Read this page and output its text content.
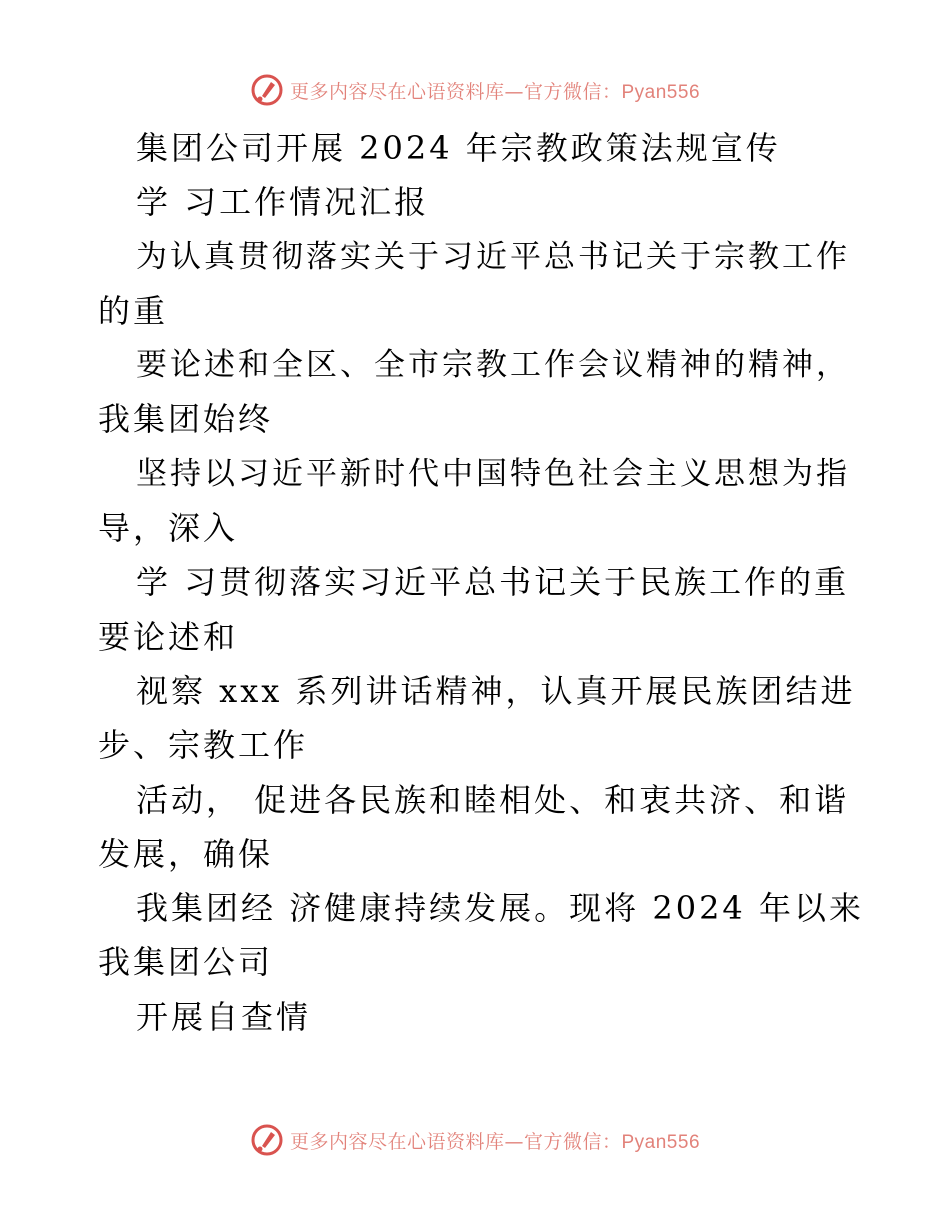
更多内容尽在心语资料库—官方微信：Pyan556
集团公司开展 2024 年宗教政策法规宣传
学 习工作情况汇报
为认真贯彻落实关于习近平总书记关于宗教工作
的重
要论述和全区、全市宗教工作会议精神的精神，
我集团始终
坚持以习近平新时代中国特色社会主义思想为指
导，深入
学 习贯彻落实习近平总书记关于民族工作的重
要论述和
视察 xxx 系列讲话精神，认真开展民族团结进
步、宗教工作
活动， 促进各民族和睦相处、和衷共济、和谐
发展，确保
我集团经 济健康持续发展。现将 2024 年以来
我集团公司
开展自查情
更多内容尽在心语资料库—官方微信：Pyan556
